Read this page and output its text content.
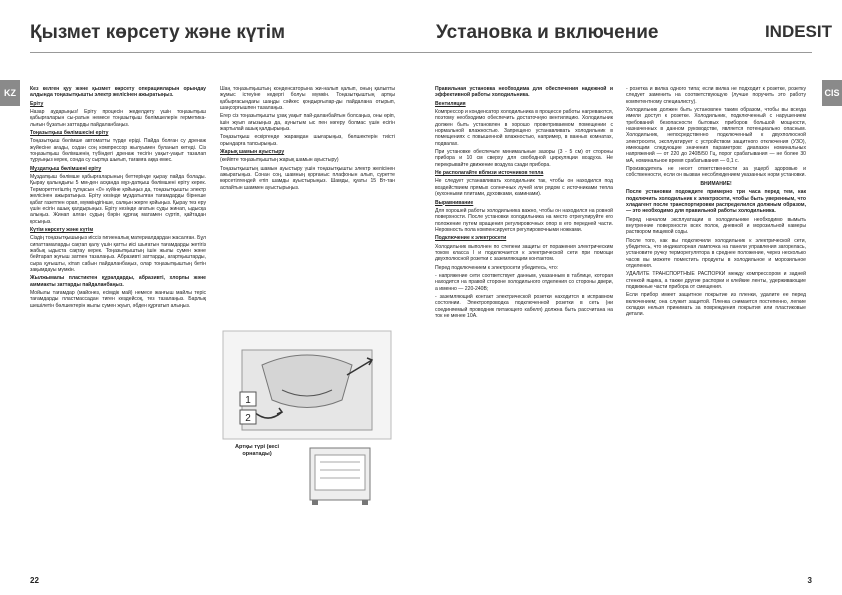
Қызмет көрсету және күтім
KZ	Кез келген қуу және қызмет көрсету операцияларын орындау алдында тоңазытқышты электр желісінен ажыратыңыз.

Еріту

Назар аударыңыз! Еріту процесін жеделдету үшін тоңазытқыш қабырғаларын сы-ратын немесе тоңазытқыш бөлімшелерін герметика-лығын бұзатын заттарды пайдаланбаңыз.

Тоңазытқыш бөлімшесіні еріту

Тоңазытқыш бөлімше автоматты түрде ерiдi. Пайда болған су дренаж жүйесіне ағады, содан соң компрессор жылуымен буланып кетеді. Сіз тоңазытқыш бөлімшенің түбіндегі дренаж тесігін уақыт-уақыт тазалап тұруыңыз керек, сонда су сыртқа шығып, тағамға аққа емес.

Мұздатқыш бөлімшені еріту

Мұздатқыш бөлімше қабырғаларының беттерінде қырау пайда болады. Қырау қалыңдығы 5 мм-ден асқанда мұз-датқыш бөлімшені еріту керек. Термореттегіштің тұтқасын «0» күйіне қойыңыз да, тоңазытқышты электр желісінен ажыратыңыз. Еріту кезінде мұздатылған тағамдарды бірнеше қабат газетпен орап, мүмкіндігінше, салқын жерге қойыңыз. Қырау тез еру үшін есігін ашық қалдырыңыз. Еріту кезінде ағатын суды жинап, ыдысқа алыңыз. Жинап алған судың бәрін құрғақ матамен сүртіп, қайтадан қосыңыз.

Күтім көрсету және күтім

Сіздің тоңазытқышыңыз иіссіз гигиеналық материалдардан жасалған. Бұл сипаттамаларды сақтап қалу үшін қатты иісі шығатын тағамдарды жетігіз жабық ыдыста сақтау керек. Тоңазытқыштың ішін жылы сумен және бейтарап жуғыш затпен тазалаңыз. Абразивті заттарды, агартқыштарды, сыра қуғышты, кітап сабын пайдаланбаңыз, олар тоңазытқыштың бетін зақымдауы мүмкін.

Жылжымалы пластиктен құралдарды, абразивті, хлорлы және аммиакты заттарды пайдаланбаңыз.

Мойылы тағамдар (майонез, есімдік май) немесе жанғыш майлы теріс тағамдарды пластмассадан тиген кездейсоқ, тез тазалаңыз. Барлық шешілетін бөлшектерін жылы сумен жуып, әбден құрғатып алыңыз.

Шаң тоңазытқыштың конденсаторына жи-налып қалып, оның қалыпты жұмыс істеуіне кедергі болуы мүмкін. Тоңазытқыштың артқы қабырғасындағы шаңды сәйкес қондырғылар-ды пайдалана отырып, шаңсорғышпен тазалаңыз.

Егер сіз тоңазытқышты ұзақ уақыт пай-даланбайтын болсаңыз, оны өріп, ішін жуып ағызыңыз да, аунытым ыс пен көгеру болмас үшін есігін жартылай ашық қалдырыңыз.

Тоңазытқыш ескіргенде жарамдан шығарыңыз, бөлшектерін тиісті орындарға тапсырыңыз.

Жарық шамын ауыстыру

(кейіпте тоңазытқыштың жарық шамын ауыстыру)

Тоңазытқыштың шамын ауыстыру үшін тоңазытқышты электр желісінен ажыратыңыз. Сонан соң, шамның қорғаныс плафонын алып, суретте көрсетілгендей етіп шамды ауыстырыңыз. Шамды, қуаты 15 Вт-тан аспайтын шаммен ауыстырыңыз.

1
2
Артқы түрі (кесі орнатады)
22
Установка и включение	INDESIT
CIS

Правильная установка необходима для обеспечения надежной и эффективной работы холодильника.

Вентиляция

Компрессор и конденсатор холодильника в процессе работы нагреваются, поэтому необходимо обеспечить достаточную вентиляцию. Холодильник должен быть установлен в хорошо проветриваемом помещении с нормальной влажностью. Запрещено устанавливать холодильник в помещениях с повышенной влажностью, например, в ванных комнатах, подвалах.

При установке обеспечьте минимальные зазоры (3 - 5 см) от стороны прибора и 10 см сверху для свободной циркуляции воздуха. Не перекрывайте движение воздуха сзади прибора.

Не располагайте вблизи источников тепла

Не следует устанавливать холодильник так, чтобы он находился под воздействием прямых солнечных лучей или рядом с источниками тепла (кухонными плитами, духовками, каминами).

Выравнивание

Для хорошей работы холодильника важно, чтобы он находился на ровной поверхности. После установки холодильника на место отрегулируйте его положение путем вращения регулировочных опор в его передней части. Неровность пола компенсируется регулировочными ножками.

Подключение к электросети

Холодильник выполнен по степени защиты от поражения электрическим током класса I и подключается к электрической сети при помощи двухполюсной розетки с заземляющим контактом.

Перед подключением к электросети убедитесь, что:

- напряжение сети соответствует данным, указанным в таблице, которая находится на правой стороне холодильного отделения со стороны двери, а именно — 220-240В;

- заземляющий контакт электрической розетки находится в исправном состоянии. Электропроводка подключенной розетки в сеть (ни соединяемый проводник питающего кабеля) должна быть рассчитана на ток не менее 10A.

- розетка и вилка одного типа; если вилка не подходит к розетке, розетку следует заменить на соответствующую (лучше поручить это работу компетентному специалисту).

Холодильник должен быть установлен таким образом, чтобы вы всегда имели доступ к розетке. Холодильник, подключенный с нарушением требований безопасности бытовых приборов большой мощности, назначенных в данном руководстве, является потенциально опасным. Холодильник, непосредственно подключенный к двухполюсной электросети, эксплуатирует с устройством защитного отключения (УЗО), имеющим следующие значения параметров: диапазон номинальных напряжений — от 220 до 240В/50 Гц, порог срабатывания — не более 30 мА, номинальное время срабатывания — 0,1 с.

Производитель не несет ответственности за ущерб здоровью и собственности, если он вызван несоблюдением указанных норм установки.

ВНИМАНИЕ!

После установки подождите примерно три часа перед тем, как подключить холодильник к электросети, чтобы быть уверенным, что хладагент после транспортировки распределился должным образом, — это необходимо для правильной работы холодильника.

Перед началом эксплуатации в холодильнике необходимо вымыть внутренние поверхности всех полок, дневной и морозильной камеры раствором пищевой соды.

После того, как вы подключили холодильник к электрической сети, убедитесь, что индикаторная лампочка на панели управления загорелась, установите ручку терморегулятора в среднее положение, через несколько часов вы можете поместить продукты в холодильное и морозильное отделения.

УДАЛИТЕ ТРАНСПОРТНЫЕ РАСПОРКИ между компрессором и задней стенкой ящика, а также другие распорки и клейкие ленты, удерживающие подвижные части прибора от смещения.

Если прибор имеет защитное покрытие из пленки, удалите ее перед включением; она служит защитой. Пленка снимается постепенно, легкие складки нельзя принимать за повреждения покрытия или пластиковые детали.

3
